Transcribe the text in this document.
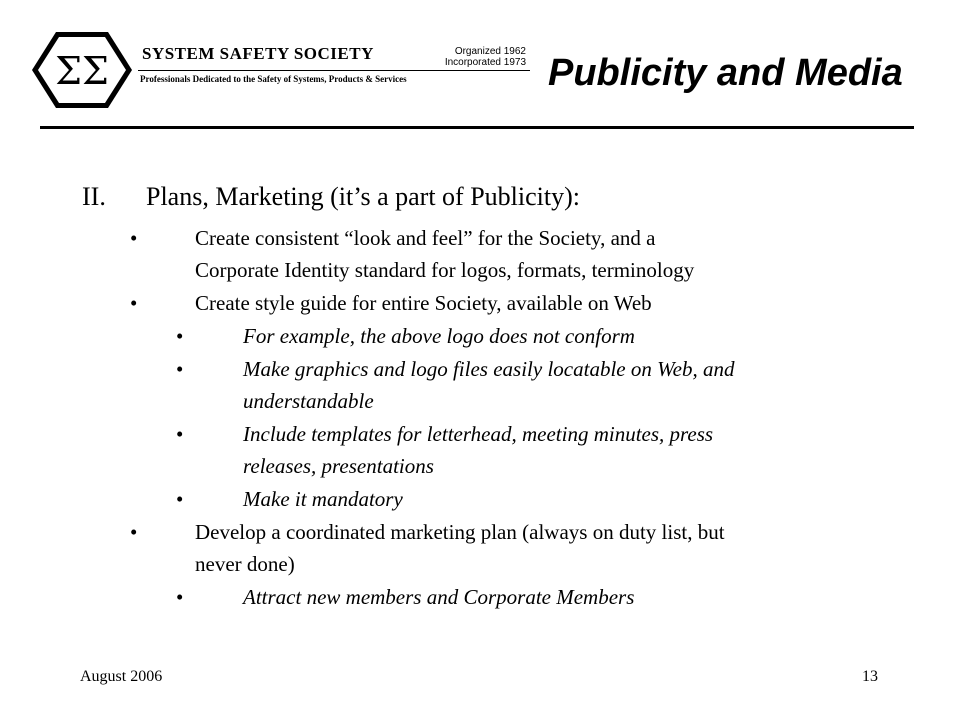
ΣΣ SYSTEM SAFETY SOCIETY	Organized 1962
Incorporated 1973
Professionals Dedicated to the Safety of Systems, Products & Services	Publicity and Media
II. Plans, Marketing (it’s a part of Publicity):
•	Create consistent “look and feel” for the Society, and a
Corporate Identity standard for logos, formats, terminology
•	Create style guide for entire Society, available on Web
•	For example, the above logo does not conform
•	Make graphics and logo files easily locatable on Web, and
understandable
•	Include templates for letterhead, meeting minutes, press
releases, presentations
•	Make it mandatory
•	Develop a coordinated marketing plan (always on duty list, but
never done)
•	Attract new members and Corporate Members
August 2006	13
